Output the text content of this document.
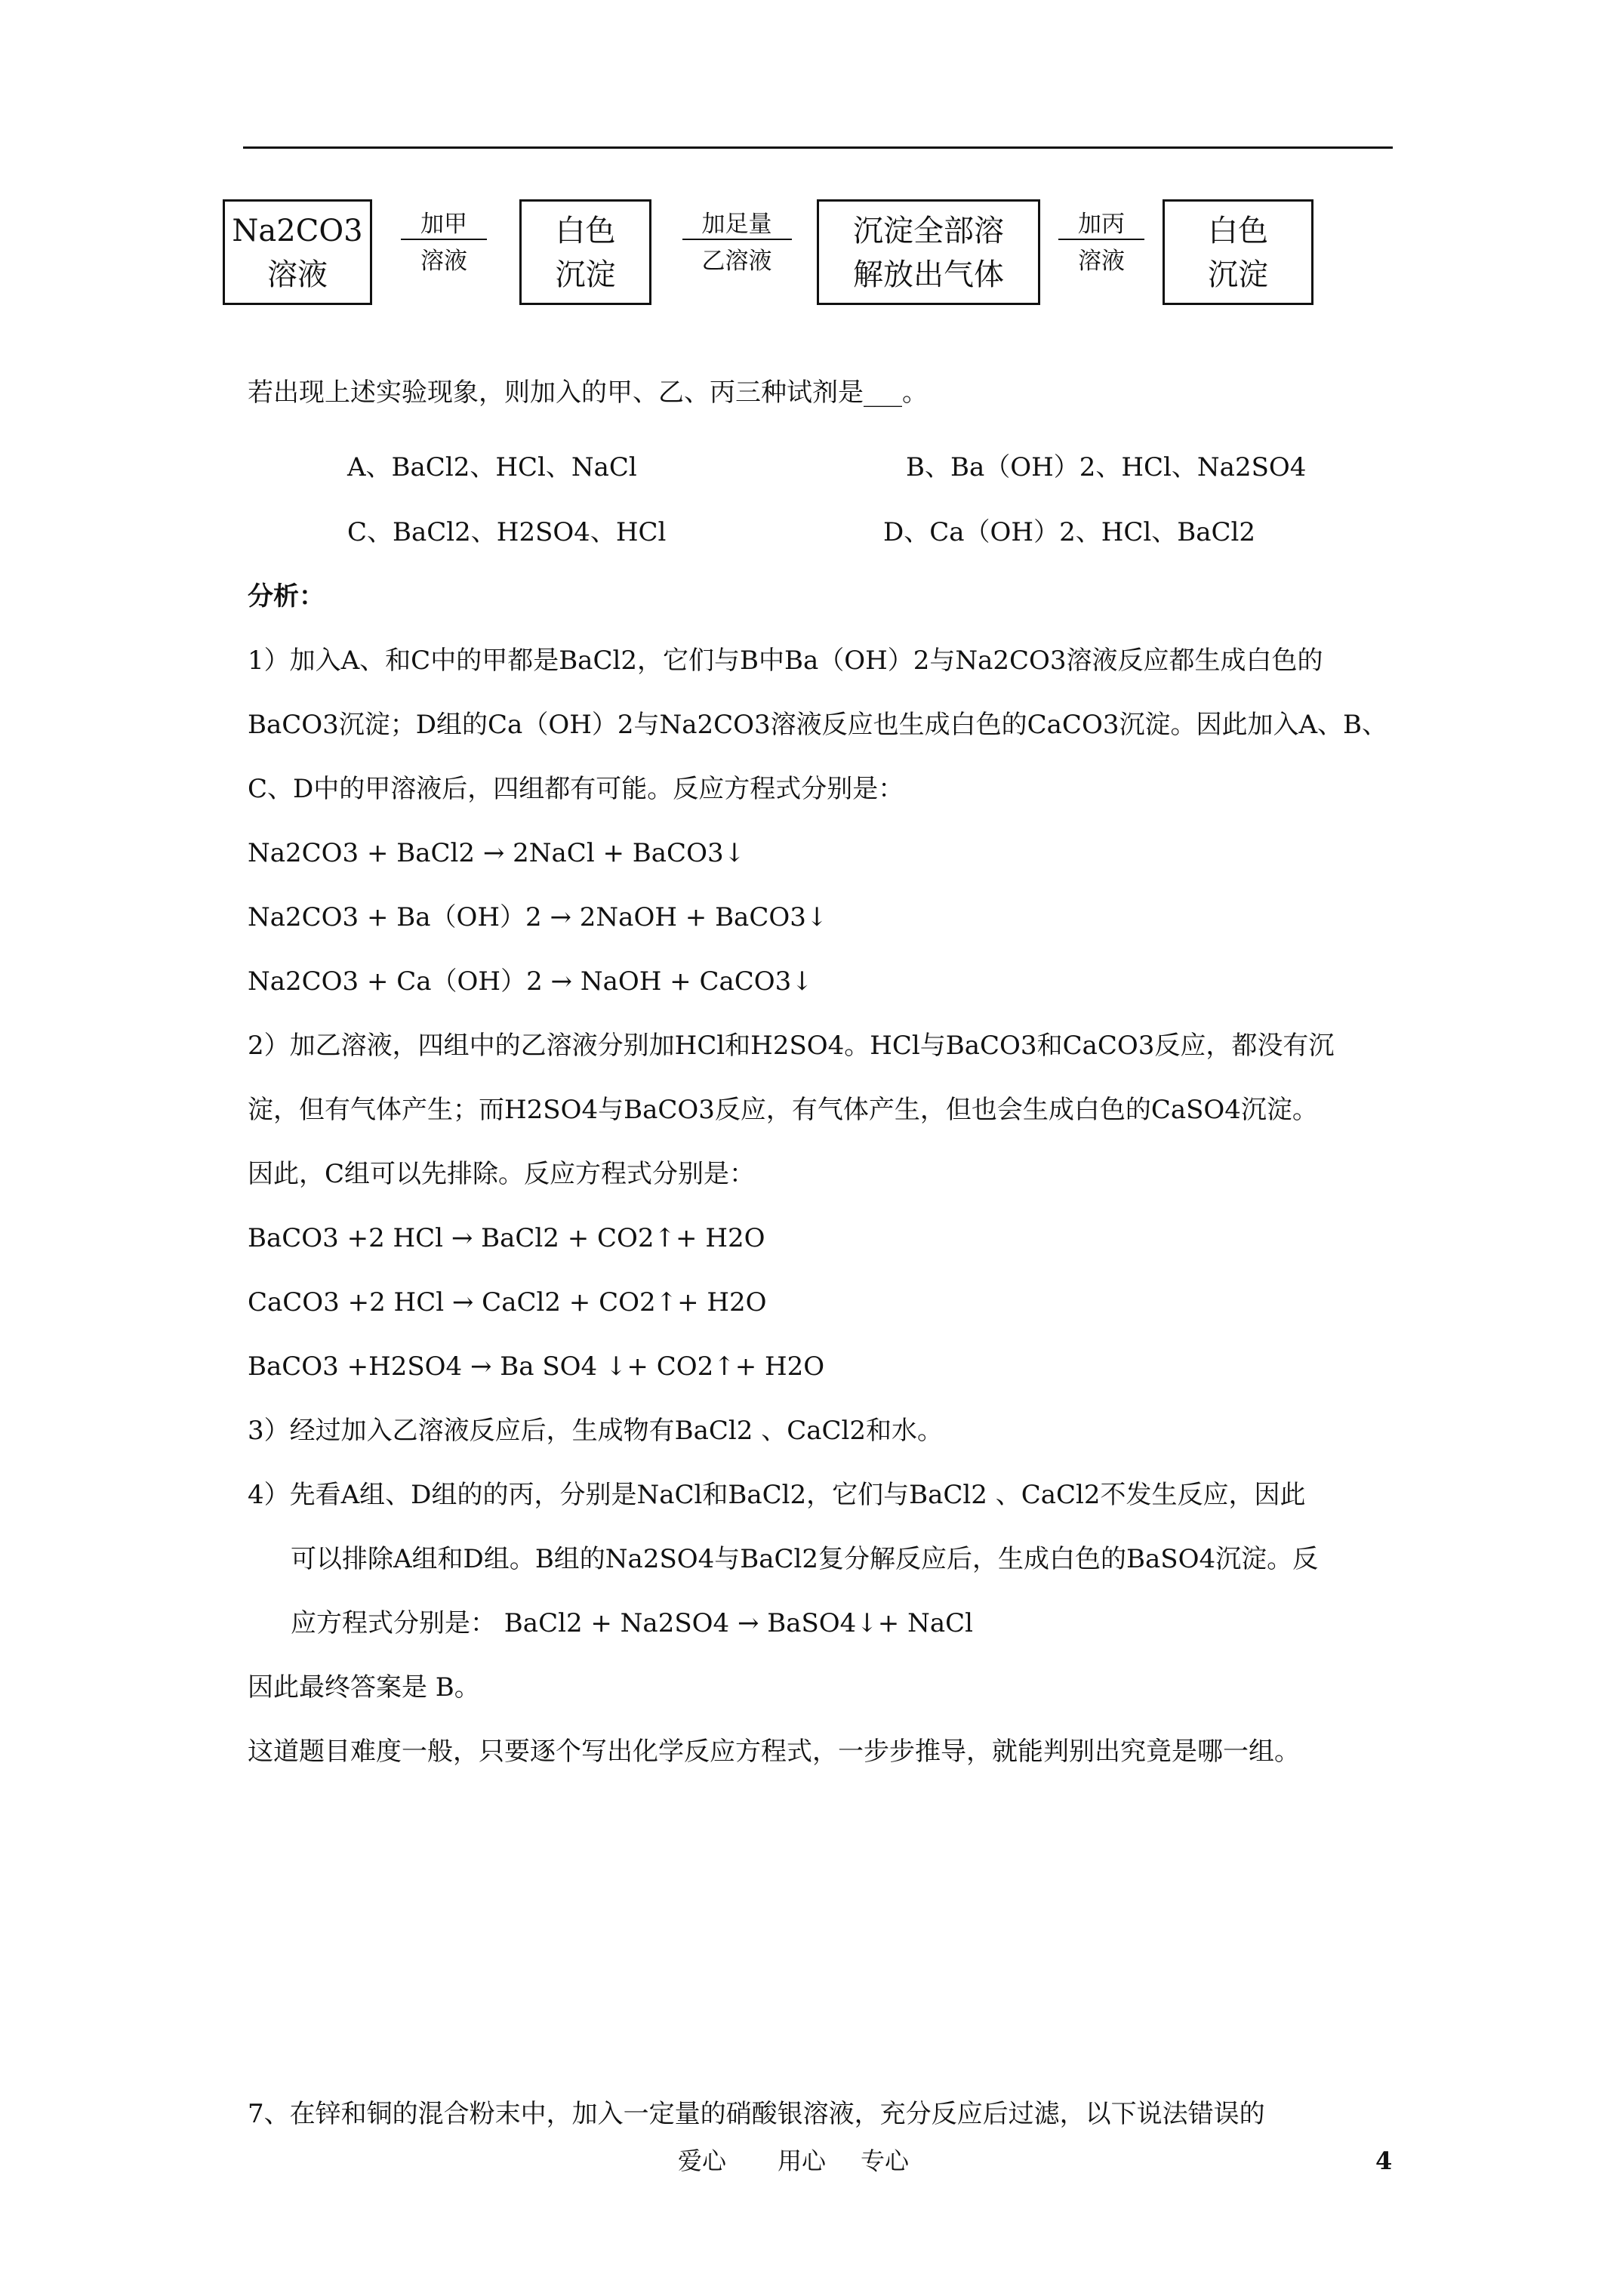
Na2CO3
溶液
加甲
溶液
白色
沉淀
加足量
乙溶液
沉淀全部溶
解放出气体
加丙
溶液
白色
沉淀
若出现上述实验现象，则加入的甲、乙、丙三种试剂是___。
A、BaCl2、HCl、NaCl	B、Ba（OH）2、HCl、Na2SO4
C、BaCl2、H2SO4、HCl	D、Ca（OH）2、HCl、BaCl2
分析：
1）加入A、和C中的甲都是BaCl2，它们与B中Ba（OH）2与Na2CO3溶液反应都生成白色的
BaCO3沉淀；D组的Ca（OH）2与Na2CO3溶液反应也生成白色的CaCO3沉淀。因此加入A、B、
C、D中的甲溶液后，四组都有可能。反应方程式分别是：
Na2CO3 + BaCl2 → 2NaCl + BaCO3↓
Na2CO3 + Ba（OH）2 → 2NaOH + BaCO3↓
Na2CO3 + Ca（OH）2 → NaOH + CaCO3↓
2）加乙溶液，四组中的乙溶液分别加HCl和H2SO4。HCl与BaCO3和CaCO3反应，都没有沉
淀，但有气体产生；而H2SO4与BaCO3反应，有气体产生，但也会生成白色的CaSO4沉淀。
因此，C组可以先排除。反应方程式分别是：
BaCO3 +2 HCl → BaCl2 + CO2↑+ H2O
CaCO3 +2 HCl → CaCl2 + CO2↑+ H2O
BaCO3 +H2SO4 → Ba SO4 ↓+ CO2↑+ H2O
3）经过加入乙溶液反应后，生成物有BaCl2 、CaCl2和水。
4）先看A组、D组的的丙，分别是NaCl和BaCl2，它们与BaCl2 、CaCl2不发生反应，因此
可以排除A组和D组。B组的Na2SO4与BaCl2复分解反应后，生成白色的BaSO4沉淀。反
应方程式分别是： BaCl2 + Na2SO4 → BaSO4↓+ NaCl
因此最终答案是 B。
这道题目难度一般，只要逐个写出化学反应方程式，一步步推导，就能判别出究竟是哪一组。
7、在锌和铜的混合粉末中，加入一定量的硝酸银溶液，充分反应后过滤，以下说法错误的
爱心 用心 专心	4
